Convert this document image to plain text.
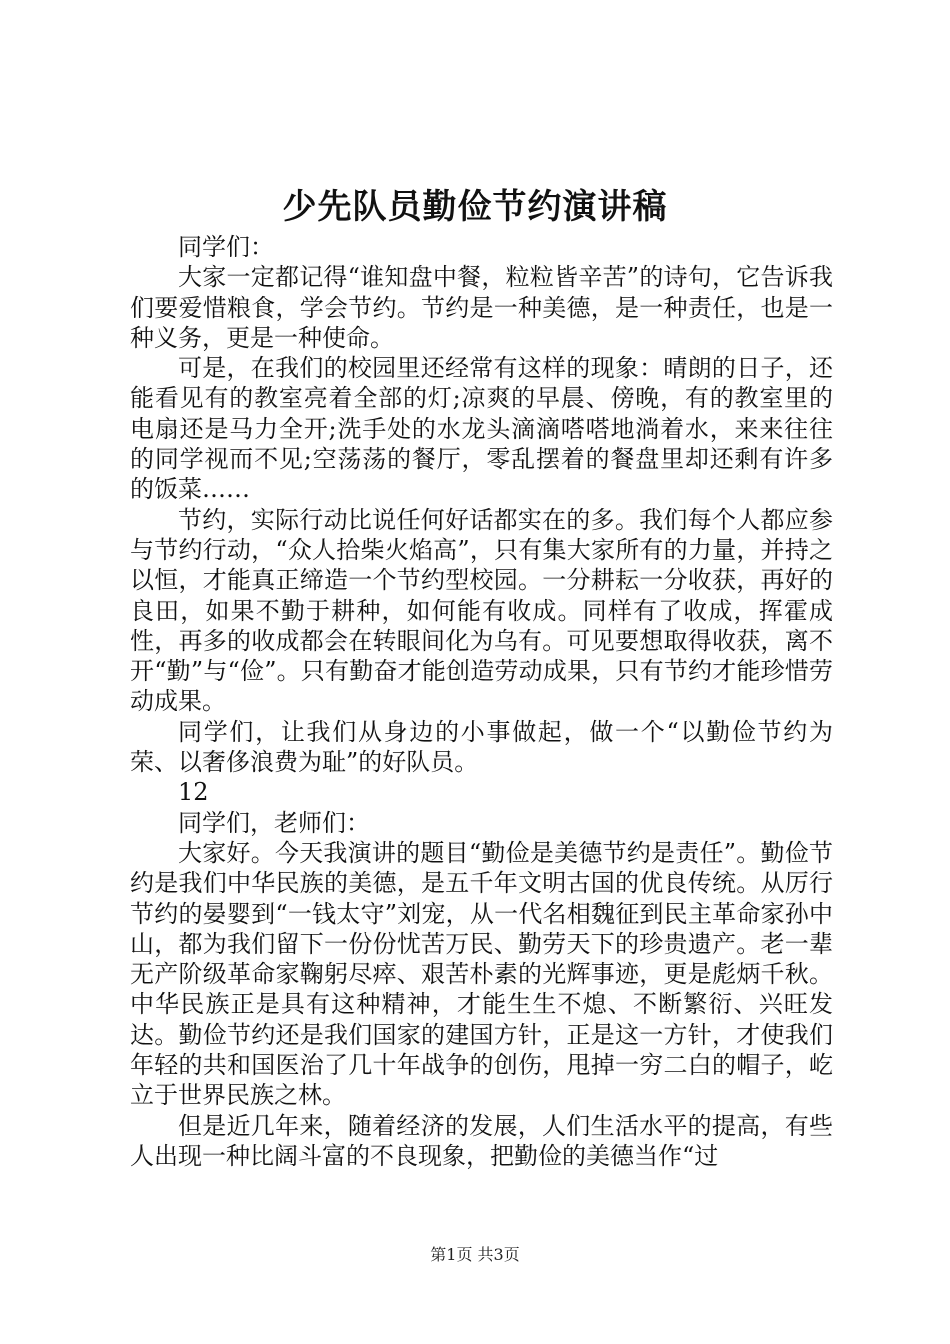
少先队员勤俭节约演讲稿

同学们：

大家一定都记得“谁知盘中餐，粒粒皆辛苦”的诗句，它告诉我们要爱惜粮食，学会节约。节约是一种美德，是一种责任，也是一种义务，更是一种使命。

可是，在我们的校园里还经常有这样的现象：晴朗的日子，还能看见有的教室亮着全部的灯;凉爽的早晨、傍晚，有的教室里的电扇还是马力全开;洗手处的水龙头滴滴嗒嗒地淌着水，来来往往的同学视而不见;空荡荡的餐厅，零乱摆着的餐盘里却还剩有许多的饭菜……

节约，实际行动比说任何好话都实在的多。我们每个人都应参与节约行动，“众人拾柴火焰高”，只有集大家所有的力量，并持之以恒，才能真正缔造一个节约型校园。一分耕耘一分收获，再好的良田，如果不勤于耕种，如何能有收成。同样有了收成，挥霍成性，再多的收成都会在转眼间化为乌有。可见要想取得收获，离不开“勤”与“俭”。只有勤奋才能创造劳动成果，只有节约才能珍惜劳动成果。

同学们，让我们从身边的小事做起，做一个“以勤俭节约为荣、以奢侈浪费为耻”的好队员。

12

同学们，老师们：

大家好。今天我演讲的题目“勤俭是美德节约是责任”。勤俭节约是我们中华民族的美德，是五千年文明古国的优良传统。从厉行节约的晏婴到“一钱太守”刘宠，从一代名相魏征到民主革命家孙中山，都为我们留下一份份忧苦万民、勤劳天下的珍贵遗产。老一辈无产阶级革命家鞠躬尽瘁、艰苦朴素的光辉事迹，更是彪炳千秋。中华民族正是具有这种精神，才能生生不熄、不断繁衍、兴旺发达。勤俭节约还是我们国家的建国方针，正是这一方针，才使我们年轻的共和国医治了几十年战争的创伤，甩掉一穷二白的帽子，屹立于世界民族之林。

但是近几年来，随着经济的发展，人们生活水平的提高，有些人出现一种比阔斗富的不良现象，把勤俭的美德当作“过

第1页 共3页
